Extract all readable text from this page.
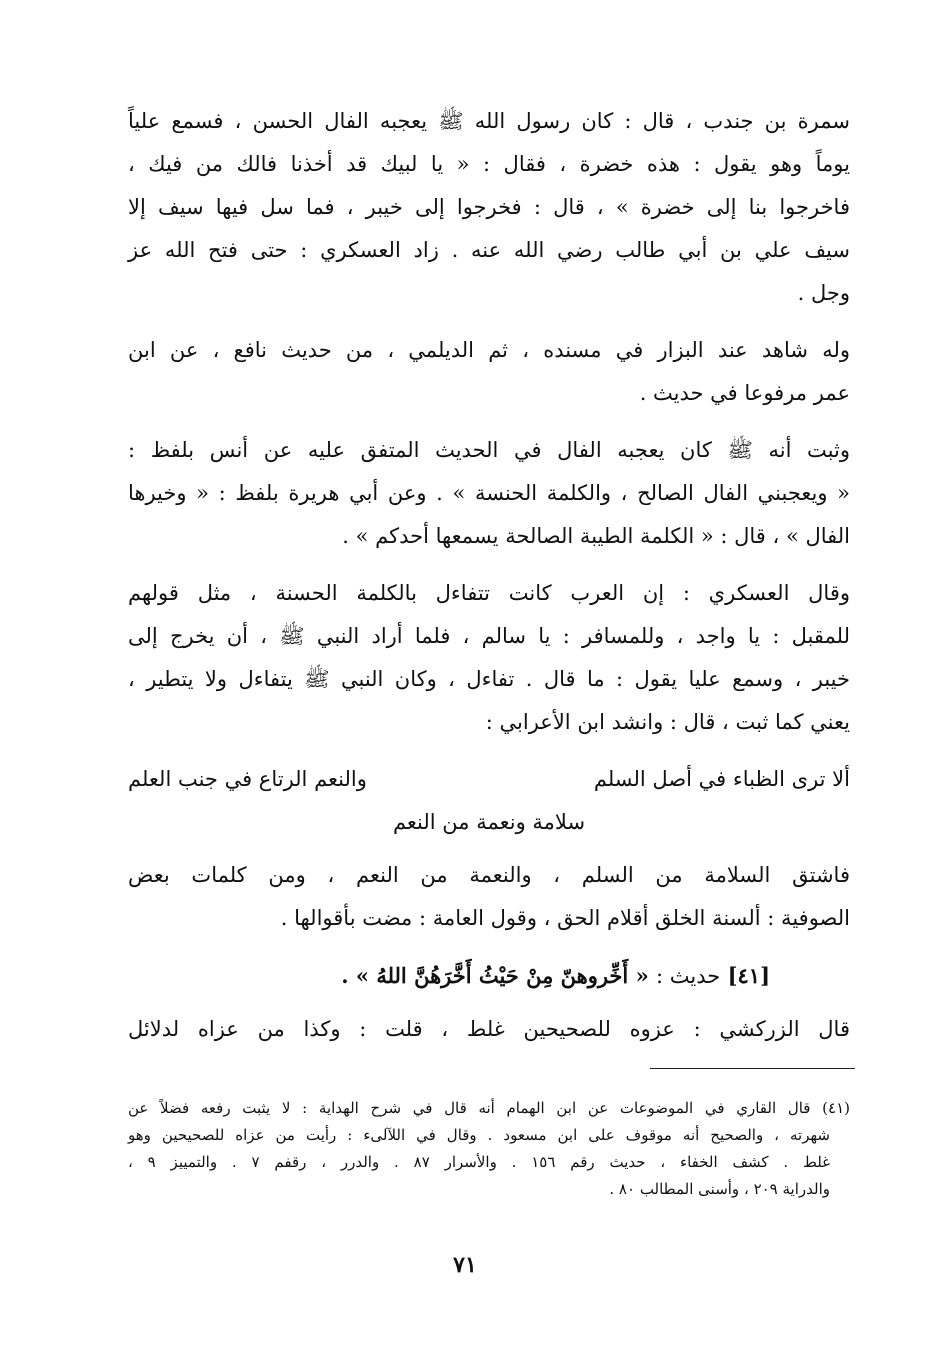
سمرة بن جندب ، قال : كان رسول الله ﷺ يعجبه الفال الحسن ، فسمع علياً
يوماً وهو يقول : هذه خضرة ، فقال : « يا لبيك قد أخذنا فالك من فيك ،
فاخرجوا بنا إلى خضرة » ، قال : فخرجوا إلى خيبر ، فما سل فيها سيف إلا
سيف علي بن أبي طالب رضي الله عنه . زاد العسكري : حتى فتح الله عز
وجل .

وله شاهد عند البزار في مسنده ، ثم الديلمي ، من حديث نافع ، عن ابن
عمر مرفوعا في حديث .

وثبت أنه ﷺ كان يعجبه الفال في الحديث المتفق عليه عن أنس بلفظ :
« ويعجبني الفال الصالح ، والكلمة الحنسة » . وعن أبي هريرة بلفظ : « وخيرها
الفال » ، قال : « الكلمة الطيبة الصالحة يسمعها أحدكم » .

وقال العسكري : إن العرب كانت تتفاءل بالكلمة الحسنة ، مثل قولهم
للمقبل : يا واجد ، وللمسافر : يا سالم ، فلما أراد النبي ﷺ ، أن يخرج إلى
خيبر ، وسمع عليا يقول : ما قال . تفاءل ، وكان النبي ﷺ يتفاءل ولا يتطير ،
يعني كما ثبت ، قال : وانشد ابن الأعرابي :

ألا ترى الظباء في أصل السلم
والنعم الرتاع في جنب العلم
سلامة ونعمة من النعم

فاشتق السلامة من السلم ، والنعمة من النعم ، ومن كلمات بعض
الصوفية : ألسنة الخلق أقلام الحق ، وقول العامة : مضت بأقوالها .

[٤١] حديث : « أَخِّروهنّ مِنْ حَيْثُ أَخَّرَهُنَّ اللهُ » .

قال الزركشي : عزوه للصحيحين غلط ، قلت : وكذا من عزاه لدلائل

(٤١) قال القاري في الموضوعات عن ابن الهمام أنه قال في شرح الهداية : لا يثبت رفعه فضلاً عن
شهرته ، والصحيح أنه موقوف على ابن مسعود . وقال في اللآلىء : رأيت من عزاه للصحيحين وهو
غلط . كشف الخفاء ، حديث رقم ١٥٦ . والأسرار ٨٧ . والدرر ، رقفم ٧ . والتمييز ٩ ،
والدراية ٢٠٩ ، وأسنى المطالب ٨٠ .
٧١
